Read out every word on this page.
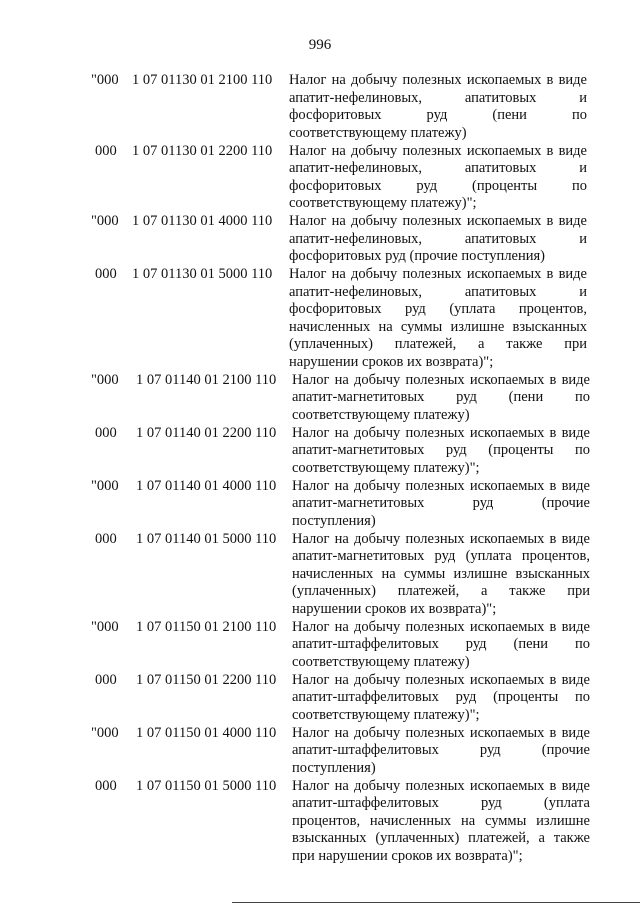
996
"000 1 07 01130 01 2100 110 Налог на добычу полезных ископаемых в виде
апатит-нефелиновых, апатитовых и
фосфоритовых руд (пени по
соответствующему платежу)
000 1 07 01130 01 2200 110 Налог на добычу полезных ископаемых в виде
апатит-нефелиновых, апатитовых и
фосфоритовых руд (проценты по
соответствующему платежу)";
"000 1 07 01130 01 4000 110 Налог на добычу полезных ископаемых в виде
апатит-нефелиновых, апатитовых и
фосфоритовых руд (прочие поступления)
000 1 07 01130 01 5000 110 Налог на добычу полезных ископаемых в виде
апатит-нефелиновых, апатитовых и
фосфоритовых руд (уплата процентов,
начисленных на суммы излишне взысканных
(уплаченных) платежей, а также при
нарушении сроков их возврата)";
"000 1 07 01140 01 2100 110 Налог на добычу полезных ископаемых в виде
апатит-магнетитовых руд (пени по
соответствующему платежу)
000 1 07 01140 01 2200 110 Налог на добычу полезных ископаемых в виде
апатит-магнетитовых руд (проценты по
соответствующему платежу)";
"000 1 07 01140 01 4000 110 Налог на добычу полезных ископаемых в виде
апатит-магнетитовых руд (прочие
поступления)
000 1 07 01140 01 5000 110 Налог на добычу полезных ископаемых в виде
апатит-магнетитовых руд (уплата процентов,
начисленных на суммы излишне взысканных
(уплаченных) платежей, а также при
нарушении сроков их возврата)";
"000 1 07 01150 01 2100 110 Налог на добычу полезных ископаемых в виде
апатит-штаффелитовых руд (пени по
соответствующему платежу)
000 1 07 01150 01 2200 110 Налог на добычу полезных ископаемых в виде
апатит-штаффелитовых руд (проценты по
соответствующему платежу)";
"000 1 07 01150 01 4000 110 Налог на добычу полезных ископаемых в виде
апатит-штаффелитовых руд (прочие
поступления)
000 1 07 01150 01 5000 110 Налог на добычу полезных ископаемых в виде
апатит-штаффелитовых руд (уплата
процентов, начисленных на суммы излишне
взысканных (уплаченных) платежей, а также
при нарушении сроков их возврата)";
